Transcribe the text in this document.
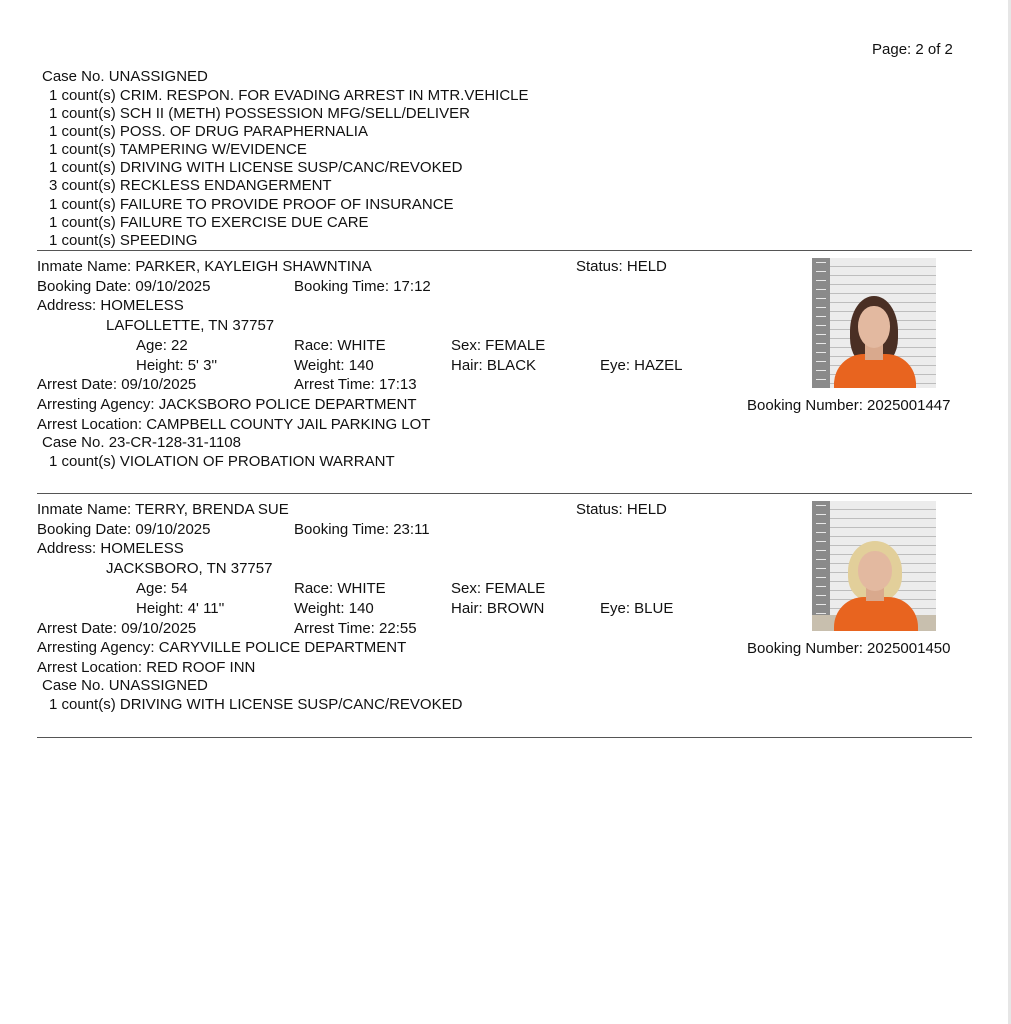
Page: 2 of 2
Case No. UNASSIGNED
1 count(s) CRIM. RESPON. FOR EVADING ARREST IN MTR.VEHICLE
1 count(s) SCH II (METH) POSSESSION MFG/SELL/DELIVER
1 count(s) POSS. OF DRUG PARAPHERNALIA
1 count(s) TAMPERING W/EVIDENCE
1 count(s) DRIVING WITH LICENSE SUSP/CANC/REVOKED
3 count(s) RECKLESS ENDANGERMENT
1 count(s) FAILURE TO PROVIDE PROOF OF INSURANCE
1 count(s) FAILURE TO EXERCISE DUE CARE
1 count(s) SPEEDING
Inmate Name: PARKER, KAYLEIGH SHAWNTINA	Status: HELD
Booking Date: 09/10/2025	Booking Time: 17:12
Address: HOMELESS
LAFOLLETTE, TN 37757
Age: 22	Race: WHITE	Sex: FEMALE
Height: 5' 3''	Weight: 140	Hair: BLACK	Eye: HAZEL
Arrest Date: 09/10/2025	Arrest Time: 17:13
Arresting Agency: JACKSBORO POLICE DEPARTMENT	Booking Number: 2025001447
Arrest Location: CAMPBELL COUNTY JAIL PARKING LOT
Case No. 23-CR-128-31-1108
1 count(s) VIOLATION OF PROBATION WARRANT
Inmate Name: TERRY, BRENDA SUE	Status: HELD
Booking Date: 09/10/2025	Booking Time: 23:11
Address: HOMELESS
JACKSBORO, TN 37757
Age: 54	Race: WHITE	Sex: FEMALE
Height: 4' 11''	Weight: 140	Hair: BROWN	Eye: BLUE
Arrest Date: 09/10/2025	Arrest Time: 22:55
Arresting Agency: CARYVILLE POLICE DEPARTMENT	Booking Number: 2025001450
Arrest Location: RED ROOF INN
Case No. UNASSIGNED
1 count(s) DRIVING WITH LICENSE SUSP/CANC/REVOKED
